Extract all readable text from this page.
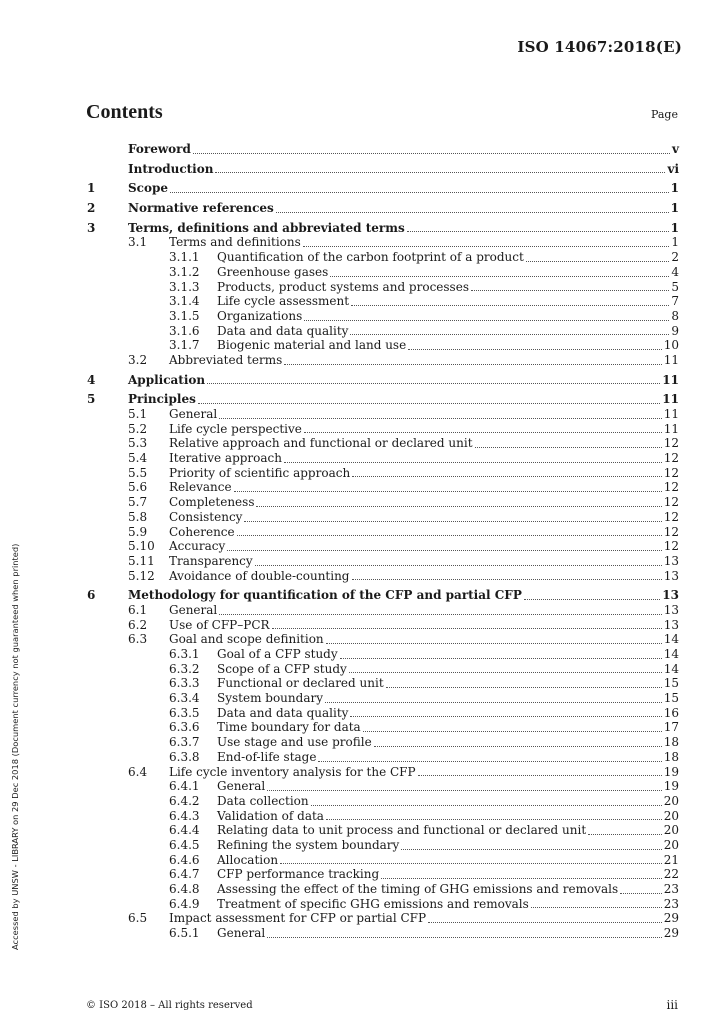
ISO 14067:2018(E)
Contents	Page
Foreword	v
Introduction	vi
1	Scope	1
2	Normative references	1
3	Terms, definitions and abbreviated terms	1
3.1	Terms and definitions	1
3.1.1	Quantification of the carbon footprint of a product	2
3.1.2	Greenhouse gases	4
3.1.3	Products, product systems and processes	5
3.1.4	Life cycle assessment	7
3.1.5	Organizations	8
3.1.6	Data and data quality	9
3.1.7	Biogenic material and land use	10
3.2	Abbreviated terms	11
4	Application	11
5	Principles	11
5.1	General	11
5.2	Life cycle perspective	11
5.3	Relative approach and functional or declared unit	12
5.4	Iterative approach	12
5.5	Priority of scientific approach	12
5.6	Relevance	12
5.7	Completeness	12
5.8	Consistency	12
5.9	Coherence	12
5.10	Accuracy	12
5.11	Transparency	13
5.12	Avoidance of double-counting	13
6	Methodology for quantification of the CFP and partial CFP	13
6.1	General	13
6.2	Use of CFP–PCR	13
6.3	Goal and scope definition	14
6.3.1	Goal of a CFP study	14
6.3.2	Scope of a CFP study	14
6.3.3	Functional or declared unit	15
6.3.4	System boundary	15
6.3.5	Data and data quality	16
6.3.6	Time boundary for data	17
6.3.7	Use stage and use profile	18
6.3.8	End-of-life stage	18
6.4	Life cycle inventory analysis for the CFP	19
6.4.1	General	19
6.4.2	Data collection	20
6.4.3	Validation of data	20
6.4.4	Relating data to unit process and functional or declared unit	20
6.4.5	Refining the system boundary	20
6.4.6	Allocation	21
6.4.7	CFP performance tracking	22
6.4.8	Assessing the effect of the timing of GHG emissions and removals	23
6.4.9	Treatment of specific GHG emissions and removals	23
6.5	Impact assessment for CFP or partial CFP	29
6.5.1	General	29
Accessed by UNSW - LIBRARY on 29 Dec 2018 (Document currency not guaranteed when printed)
© ISO 2018 – All rights reserved	iii
